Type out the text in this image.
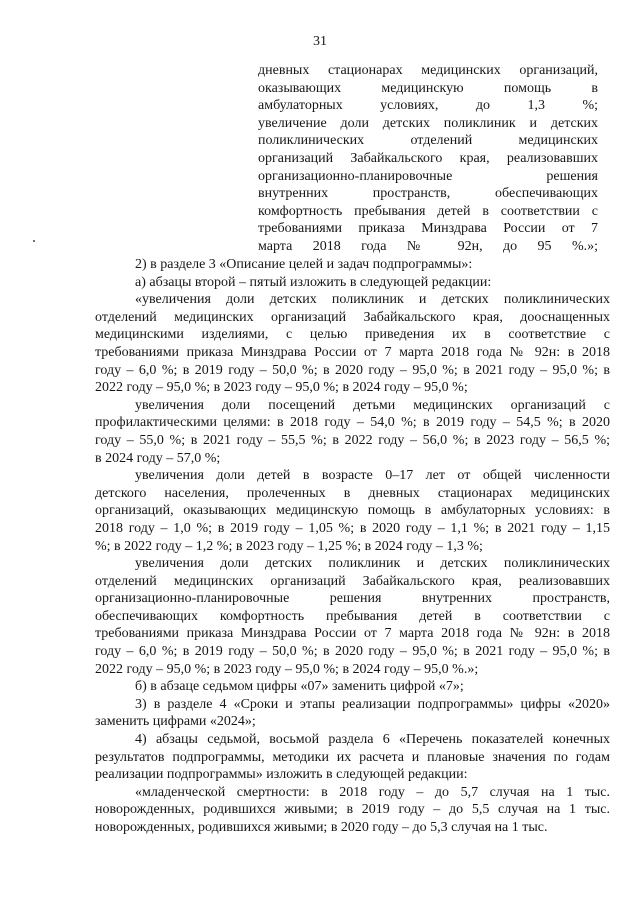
31
дневных стационарах медицинских организаций,
оказывающих медицинскую помощь в
амбулаторных условиях, до 1,3 %;
увеличение доли детских поликлиник и детских
поликлинических отделений медицинских
организаций Забайкальского края, реализовавших
организационно-планировочные решения
внутренних пространств, обеспечивающих
комфортность пребывания детей в соответствии с
требованиями приказа Минздрава России от 7
марта 2018 года № 92н, до 95 %.»;
2) в разделе 3 «Описание целей и задач подпрограммы»:
а) абзацы второй – пятый изложить в следующей редакции:
«увеличения доли детских поликлиник и детских поликлинических
отделений медицинских организаций Забайкальского края, дооснащенных
медицинскими изделиями, с целью приведения их в соответствие с
требованиями приказа Минздрава России от 7 марта 2018 года № 92н: в 2018
году – 6,0 %; в 2019 году – 50,0 %; в 2020 году – 95,0 %; в 2021 году – 95,0 %; в
2022 году – 95,0 %; в 2023 году – 95,0 %; в 2024 году – 95,0 %;
увеличения доли посещений детьми медицинских организаций с
профилактическими целями: в 2018 году – 54,0 %; в 2019 году – 54,5 %; в 2020
году – 55,0 %; в 2021 году – 55,5 %; в 2022 году – 56,0 %; в 2023 году – 56,5 %;
в 2024 году – 57,0 %;
увеличения доли детей в возрасте 0–17 лет от общей численности
детского населения, пролеченных в дневных стационарах медицинских
организаций, оказывающих медицинскую помощь в амбулаторных условиях: в
2018 году – 1,0 %; в 2019 году – 1,05 %; в 2020 году – 1,1 %; в 2021 году – 1,15
%; в 2022 году – 1,2 %; в 2023 году – 1,25 %; в 2024 году – 1,3 %;
увеличения доли детских поликлиник и детских поликлинических
отделений медицинских организаций Забайкальского края, реализовавших
организационно-планировочные решения внутренних пространств,
обеспечивающих комфортность пребывания детей в соответствии с
требованиями приказа Минздрава России от 7 марта 2018 года № 92н: в 2018
году – 6,0 %; в 2019 году – 50,0 %; в 2020 году – 95,0 %; в 2021 году – 95,0 %; в
2022 году – 95,0 %; в 2023 году – 95,0 %; в 2024 году – 95,0 %.»;
б) в абзаце седьмом цифры «07» заменить цифрой «7»;
3) в разделе 4 «Сроки и этапы реализации подпрограммы» цифры «2020»
заменить цифрами «2024»;
4) абзацы седьмой, восьмой раздела 6 «Перечень показателей конечных
результатов подпрограммы, методики их расчета и плановые значения по годам
реализации подпрограммы» изложить в следующей редакции:
«младенческой смертности: в 2018 году – до 5,7 случая на 1 тыс.
новорожденных, родившихся живыми; в 2019 году – до 5,5 случая на 1 тыс.
новорожденных, родившихся живыми; в 2020 году – до 5,3 случая на 1 тыс.
